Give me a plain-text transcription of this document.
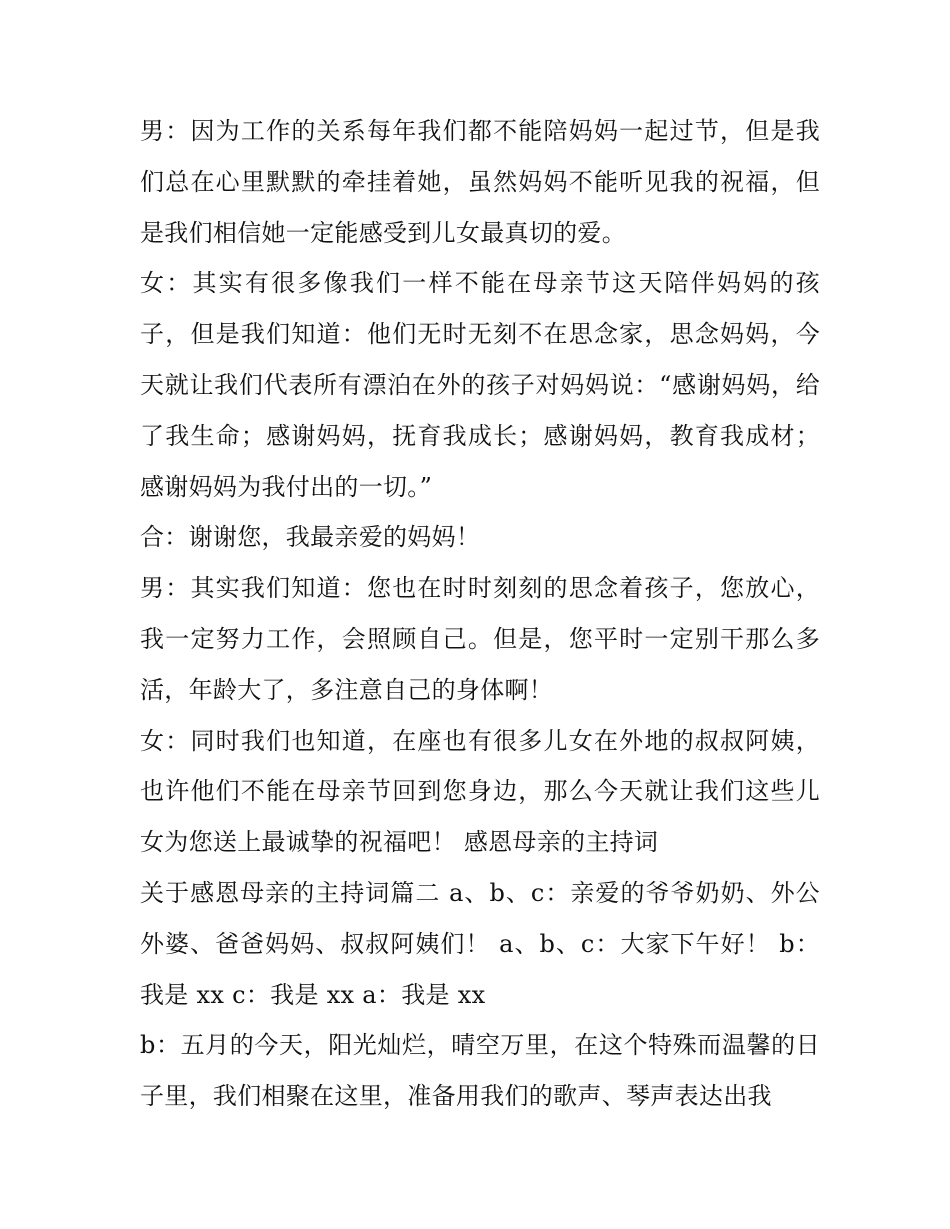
男：因为工作的关系每年我们都不能陪妈妈一起过节，但是我们总在心里默默的牵挂着她，虽然妈妈不能听见我的祝福，但是我们相信她一定能感受到儿女最真切的爱。

女：其实有很多像我们一样不能在母亲节这天陪伴妈妈的孩子，但是我们知道：他们无时无刻不在思念家，思念妈妈，今天就让我们代表所有漂泊在外的孩子对妈妈说：“感谢妈妈，给了我生命；感谢妈妈，抚育我成长；感谢妈妈，教育我成材；感谢妈妈为我付出的一切。”

合：谢谢您，我最亲爱的妈妈！

男：其实我们知道：您也在时时刻刻的思念着孩子，您放心，我一定努力工作，会照顾自己。但是，您平时一定别干那么多活，年龄大了，多注意自己的身体啊！

女：同时我们也知道，在座也有很多儿女在外地的叔叔阿姨，也许他们不能在母亲节回到您身边，那么今天就让我们这些儿女为您送上最诚挚的祝福吧！ 感恩母亲的主持词

关于感恩母亲的主持词篇二 a、b、c：亲爱的爷爷奶奶、外公外婆、爸爸妈妈、叔叔阿姨们！ a、b、c：大家下午好！ b：我是 xx c：我是 xx a：我是 xx

b：五月的今天，阳光灿烂，晴空万里，在这个特殊而温馨的日子里，我们相聚在这里，准备用我们的歌声、琴声表达出我
